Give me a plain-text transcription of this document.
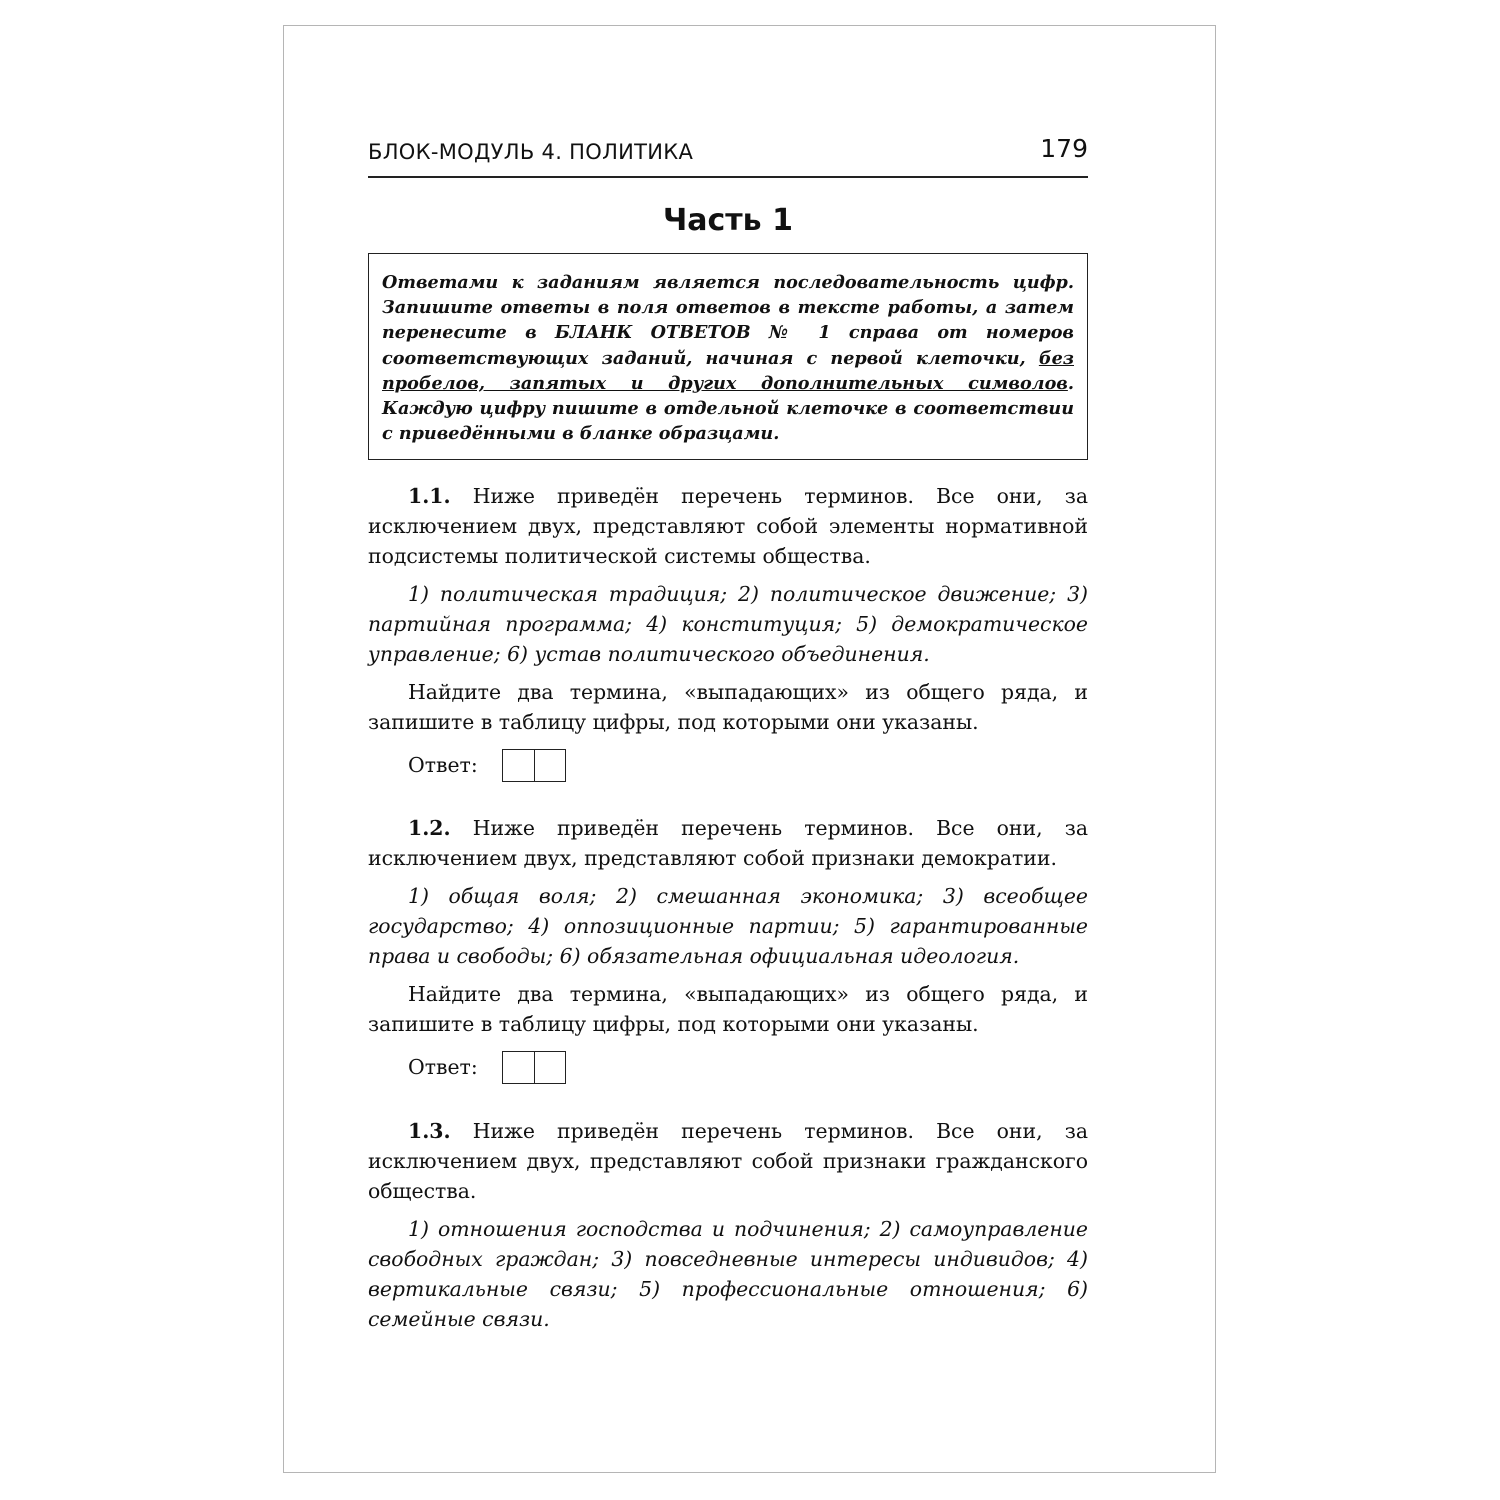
БЛОК-МОДУЛЬ 4. ПОЛИТИКА	179
Часть 1
Ответами к заданиям является последовательность цифр. Запишите ответы в поля ответов в тексте работы, а затем перенесите в БЛАНК ОТВЕТОВ № 1 справа от номеров соответствующих заданий, начиная с первой клеточки, без пробелов, запятых и других дополнительных символов. Каждую цифру пишите в отдельной клеточке в соответствии с приведёнными в бланке образцами.

1.1. Ниже приведён перечень терминов. Все они, за исключением двух, представляют собой элементы нормативной подсистемы политической системы общества.

1) политическая традиция; 2) политическое движение; 3) партийная программа; 4) конституция; 5) демократическое управление; 6) устав политического объединения.

Найдите два термина, «выпадающих» из общего ряда, и запишите в таблицу цифры, под которыми они указаны.

Ответ:

1.2. Ниже приведён перечень терминов. Все они, за исключением двух, представляют собой признаки демократии.

1) общая воля; 2) смешанная экономика; 3) всеобщее государство; 4) оппозиционные партии; 5) гарантированные права и свободы; 6) обязательная официальная идеология.

Найдите два термина, «выпадающих» из общего ряда, и запишите в таблицу цифры, под которыми они указаны.

Ответ:

1.3. Ниже приведён перечень терминов. Все они, за исключением двух, представляют собой признаки гражданского общества.

1) отношения господства и подчинения; 2) самоуправление свободных граждан; 3) повседневные интересы индивидов; 4) вертикальные связи; 5) профессиональные отношения; 6) семейные связи.
